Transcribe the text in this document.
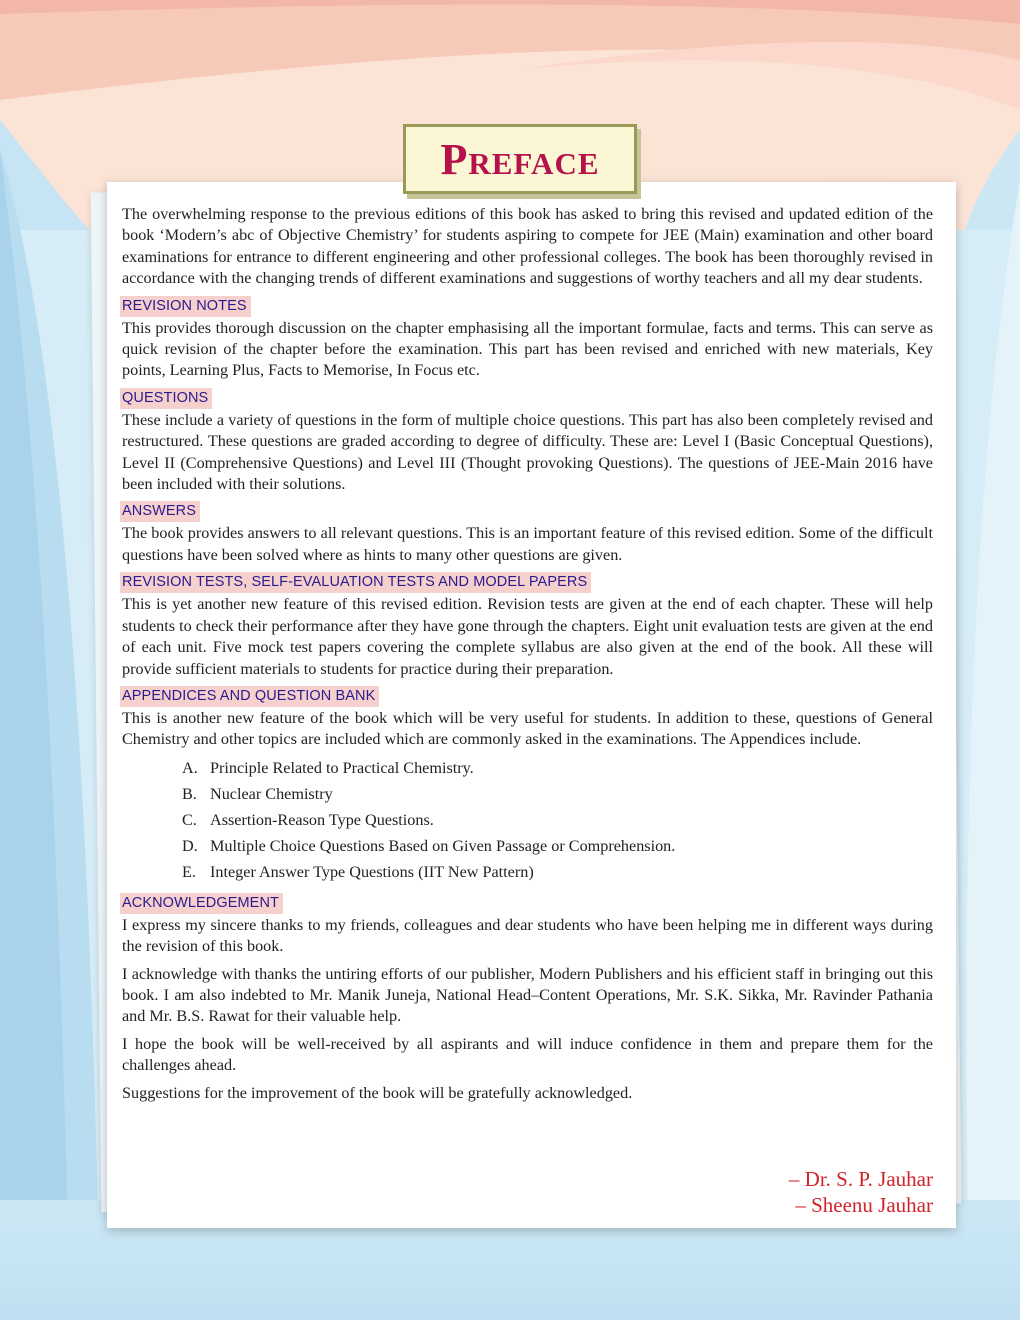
Preface

The overwhelming response to the previous editions of this book has asked to bring this revised and updated edition of the book ‘Modern’s abc of Objective Chemistry’ for students aspiring to compete for JEE (Main) examination and other board examinations for entrance to different engineering and other professional colleges. The book has been thoroughly revised in accordance with the changing trends of different examinations and suggestions of worthy teachers and all my dear students.

REVISION NOTES

This provides thorough discussion on the chapter emphasising all the important formulae, facts and terms. This can serve as quick revision of the chapter before the examination. This part has been revised and enriched with new materials, Key points, Learning Plus, Facts to Memorise, In Focus etc.

QUESTIONS

These include a variety of questions in the form of multiple choice questions. This part has also been completely revised and restructured. These questions are graded according to degree of difficulty. These are: Level I (Basic Conceptual Questions), Level II (Comprehensive Questions) and Level III (Thought provoking Questions). The questions of JEE-Main 2016 have been included with their solutions.

ANSWERS

The book provides answers to all relevant questions. This is an important feature of this revised edition. Some of the difficult questions have been solved where as hints to many other questions are given.

REVISION TESTS, SELF-EVALUATION TESTS AND MODEL PAPERS

This is yet another new feature of this revised edition. Revision tests are given at the end of each chapter. These will help students to check their performance after they have gone through the chapters. Eight unit evaluation tests are given at the end of each unit. Five mock test papers covering the complete syllabus are also given at the end of the book. All these will provide sufficient materials to students for practice during their preparation.

APPENDICES AND QUESTION BANK

This is another new feature of the book which will be very useful for students. In addition to these, questions of General Chemistry and other topics are included which are commonly asked in the examinations. The Appendices include.

A. Principle Related to Practical Chemistry.
B. Nuclear Chemistry
C. Assertion-Reason Type Questions.
D. Multiple Choice Questions Based on Given Passage or Comprehension.
E. Integer Answer Type Questions (IIT New Pattern)
ACKNOWLEDGEMENT

I express my sincere thanks to my friends, colleagues and dear students who have been helping me in different ways during the revision of this book.

I acknowledge with thanks the untiring efforts of our publisher, Modern Publishers and his efficient staff in bringing out this book. I am also indebted to Mr. Manik Juneja, National Head–Content Operations, Mr. S.K. Sikka, Mr. Ravinder Pathania and Mr. B.S. Rawat for their valuable help.

I hope the book will be well-received by all aspirants and will induce confidence in them and prepare them for the challenges ahead.

Suggestions for the improvement of the book will be gratefully acknowledged.

– Dr. S. P. Jauhar
– Sheenu Jauhar
